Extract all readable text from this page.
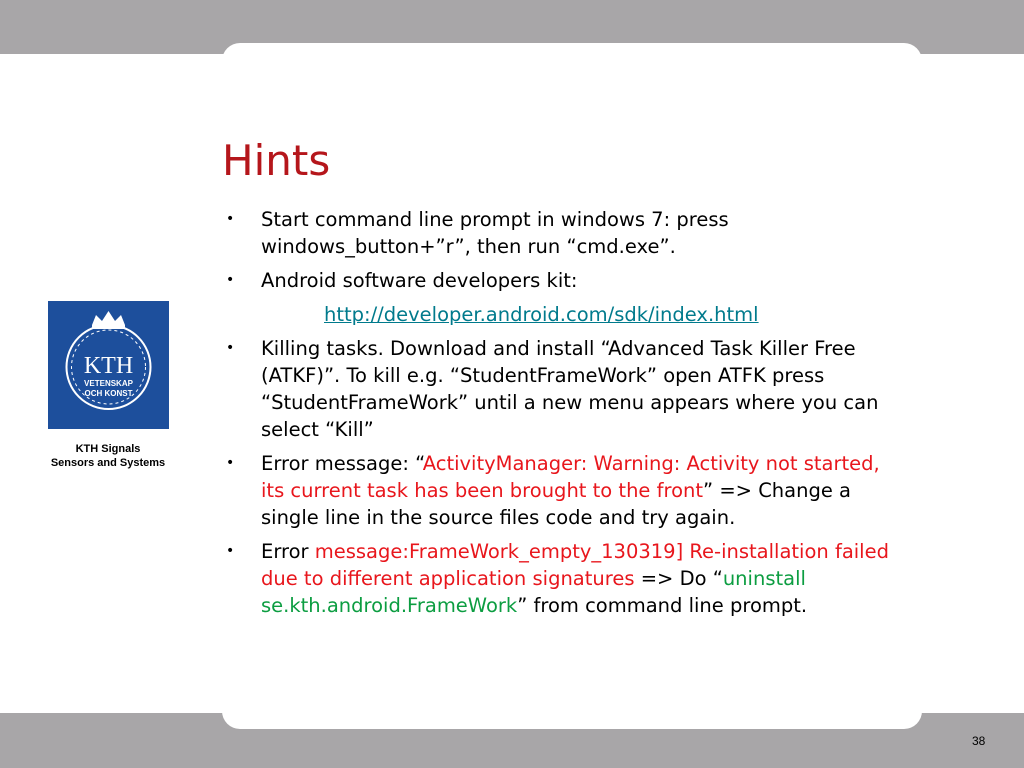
KTH
VETENSKAP
OCH KONST
KTH Signals
Sensors and Systems
Hints
• Start command line prompt in windows 7: press windows_button+”r”, then run “cmd.exe”.
• Android software developers kit:
http://developer.android.com/sdk/index.html
• Killing tasks. Download and install “Advanced Task Killer Free (ATKF)”. To kill e.g. “StudentFrameWork” open ATFK press “StudentFrameWork” until a new menu appears where you can select “Kill”
• Error message: “ActivityManager: Warning: Activity not started, its current task has been brought to the front” => Change a single line in the source files code and try again.
• Error message:FrameWork_empty_130319] Re-installation failed due to different application signatures => Do “uninstall se.kth.android.FrameWork” from command line prompt.
38
